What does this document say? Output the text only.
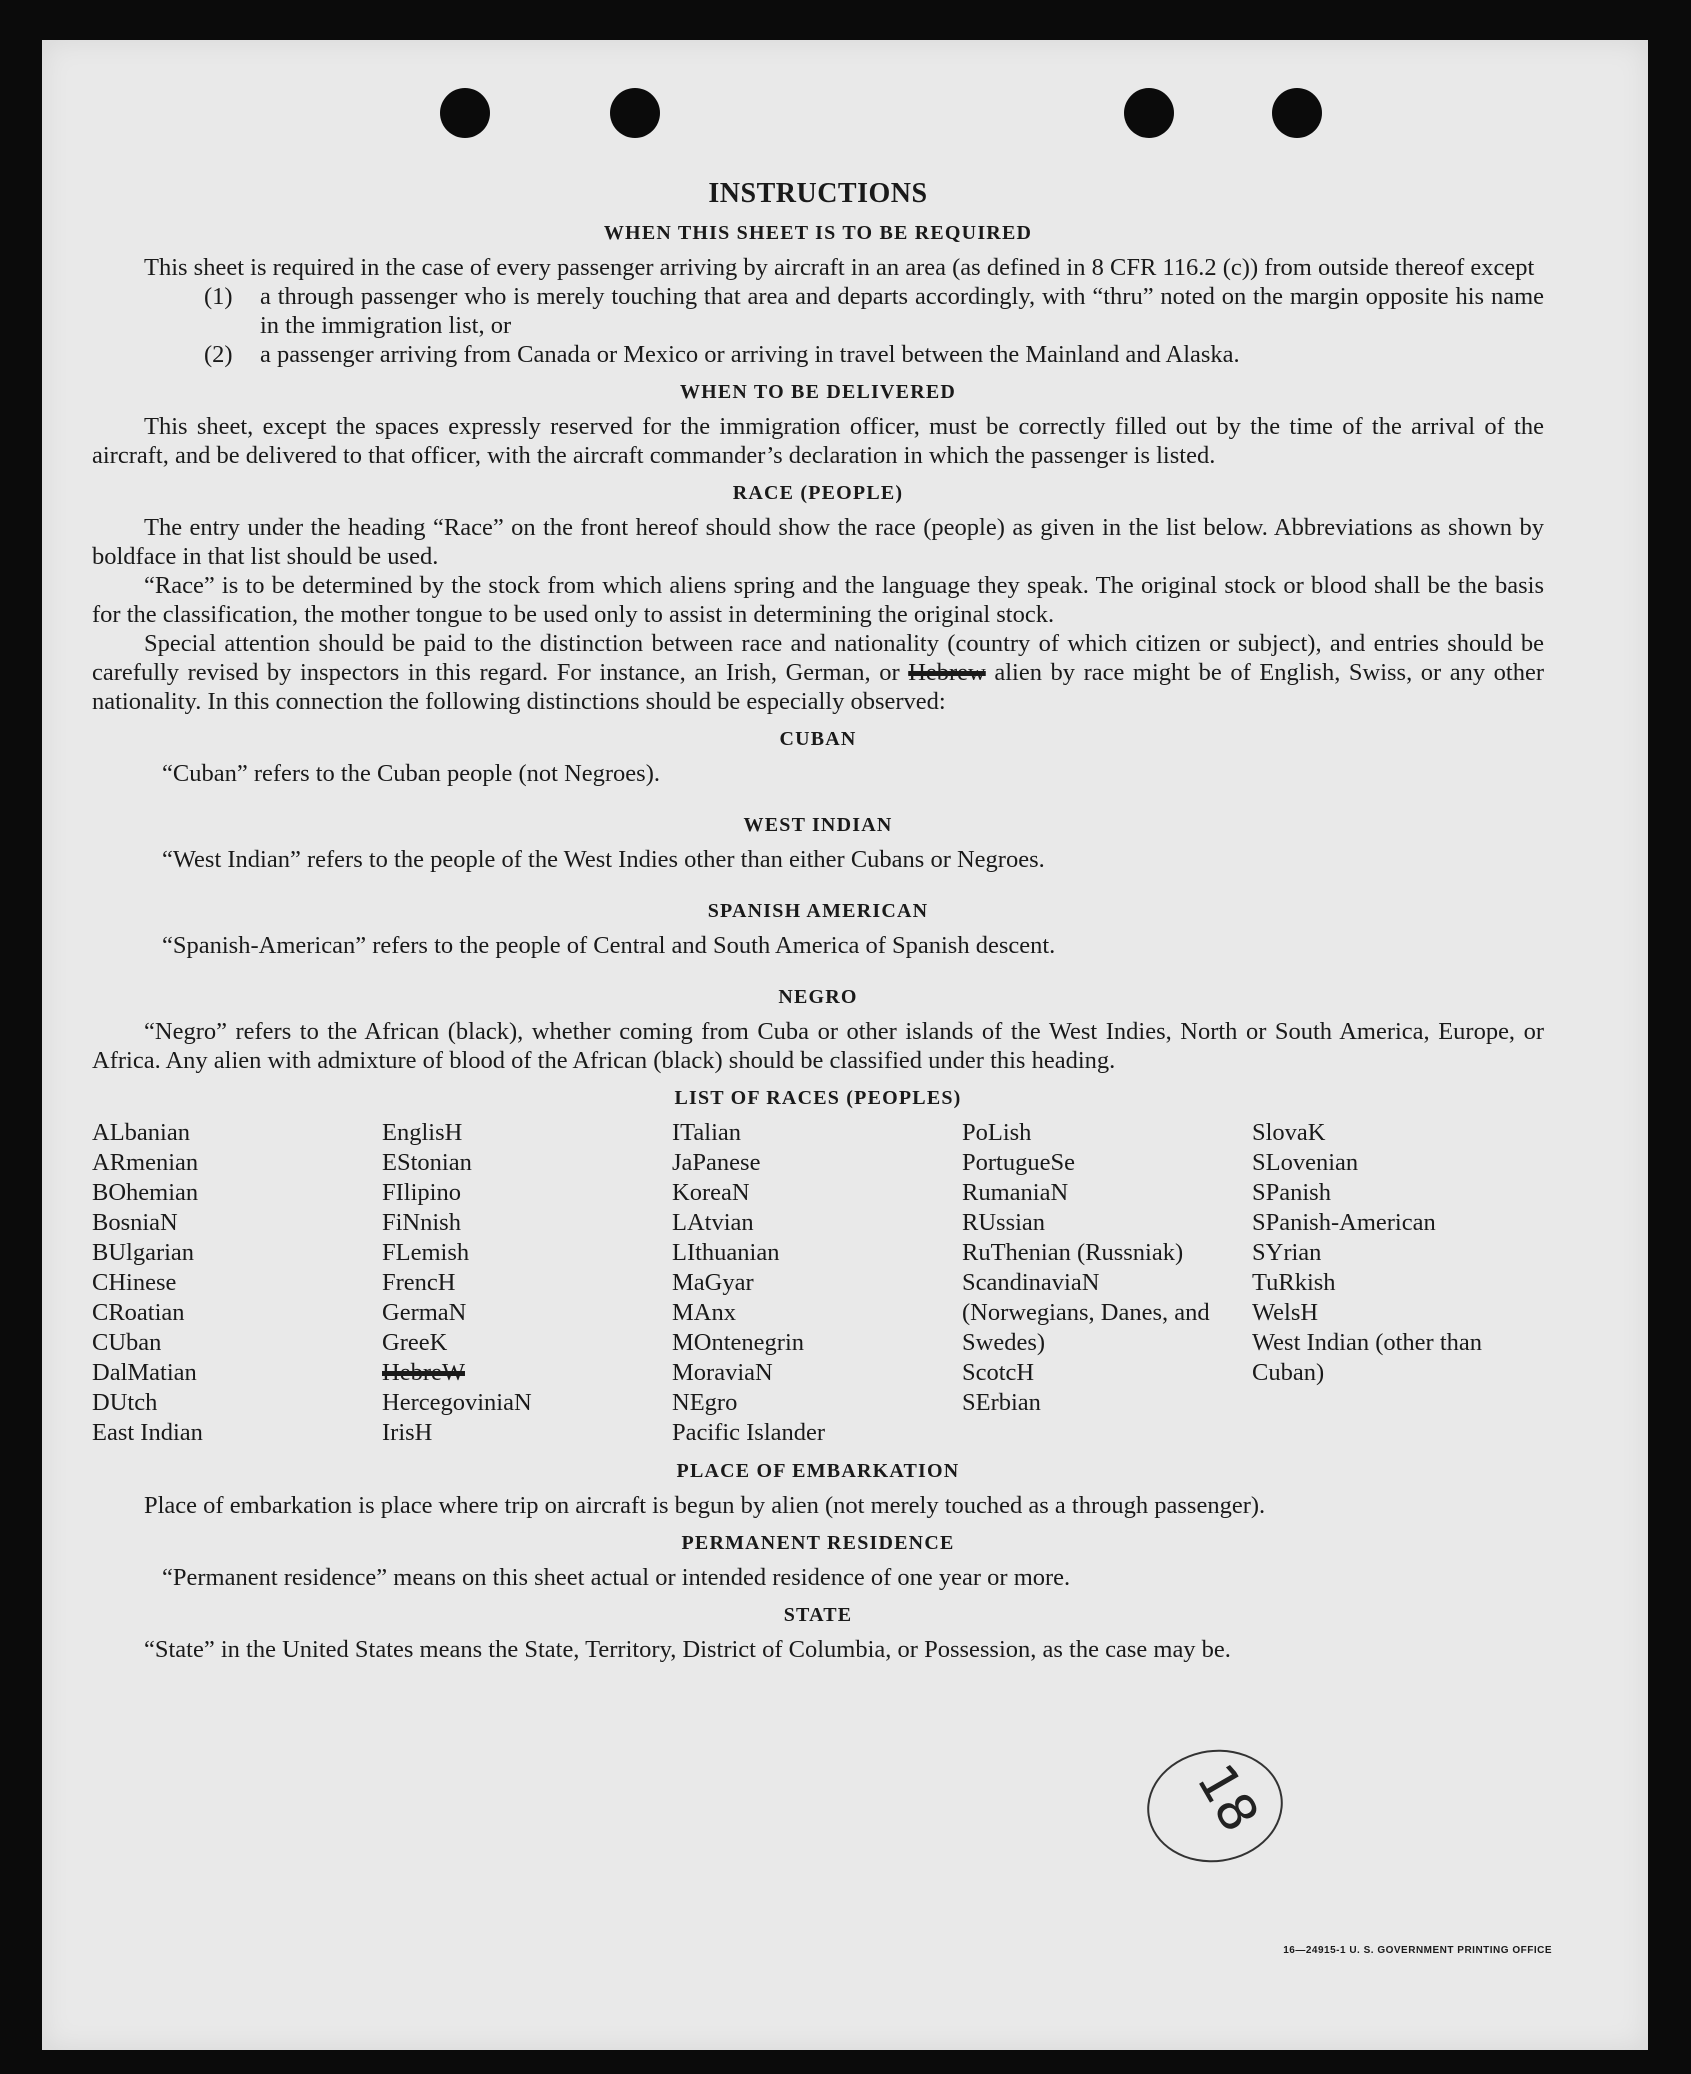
INSTRUCTIONS
WHEN THIS SHEET IS TO BE REQUIRED

This sheet is required in the case of every passenger arriving by aircraft in an area (as defined in 8 CFR 116.2 (c)) from outside thereof except

(1)	a through passenger who is merely touching that area and departs accordingly, with “thru” noted on the margin opposite his name in the immigration list, or
(2)	a passenger arriving from Canada or Mexico or arriving in travel between the Mainland and Alaska.
WHEN TO BE DELIVERED

This sheet, except the spaces expressly reserved for the immigration officer, must be correctly filled out by the time of the arrival of the aircraft, and be delivered to that officer, with the aircraft commander’s declaration in which the passenger is listed.

RACE (PEOPLE)

The entry under the heading “Race” on the front hereof should show the race (people) as given in the list below. Abbreviations as shown by boldface in that list should be used.

“Race” is to be determined by the stock from which aliens spring and the language they speak. The original stock or blood shall be the basis for the classification, the mother tongue to be used only to assist in determining the original stock.

Special attention should be paid to the distinction between race and nationality (country of which citizen or subject), and entries should be carefully revised by inspectors in this regard. For instance, an Irish, German, or Hebrew alien by race might be of English, Swiss, or any other nationality. In this connection the following distinctions should be especially observed:

CUBAN

“Cuban” refers to the Cuban people (not Negroes).

WEST INDIAN

“West Indian” refers to the people of the West Indies other than either Cubans or Negroes.

SPANISH AMERICAN

“Spanish-American” refers to the people of Central and South America of Spanish descent.

NEGRO

“Negro” refers to the African (black), whether coming from Cuba or other islands of the West Indies, North or South America, Europe, or Africa. Any alien with admixture of blood of the African (black) should be classified under this heading.

LIST OF RACES (PEOPLES)
ALbanian
ARmenian
BOhemian
BosniaN
BUlgarian
CHinese
CRoatian
CUban
DalMatian
DUtch
East Indian
EnglisH
EStonian
FIlipino
FiNnish
FLemish
FrencH
GermaN
GreeK
HebreW
HercegoviniaN
IrisH
ITalian
JaPanese
KoreaN
LAtvian
LIthuanian
MaGyar
MAnx
MOntenegrin
MoraviaN
NEgro
Pacific Islander
PoLish
PortugueSe
RumaniaN
RUssian
RuThenian (Russniak)
ScandinaviaN (Norwegians, Danes, and Swedes)
ScotcH
SErbian
SlovaK
SLovenian
SPanish
SPanish-American
SYrian
TuRkish
WelsH
West Indian (other than Cuban)
PLACE OF EMBARKATION

Place of embarkation is place where trip on aircraft is begun by alien (not merely touched as a through passenger).

PERMANENT RESIDENCE

“Permanent residence” means on this sheet actual or intended residence of one year or more.

STATE

“State” in the United States means the State, Territory, District of Columbia, or Possession, as the case may be.

18
16—24915-1 U. S. GOVERNMENT PRINTING OFFICE
